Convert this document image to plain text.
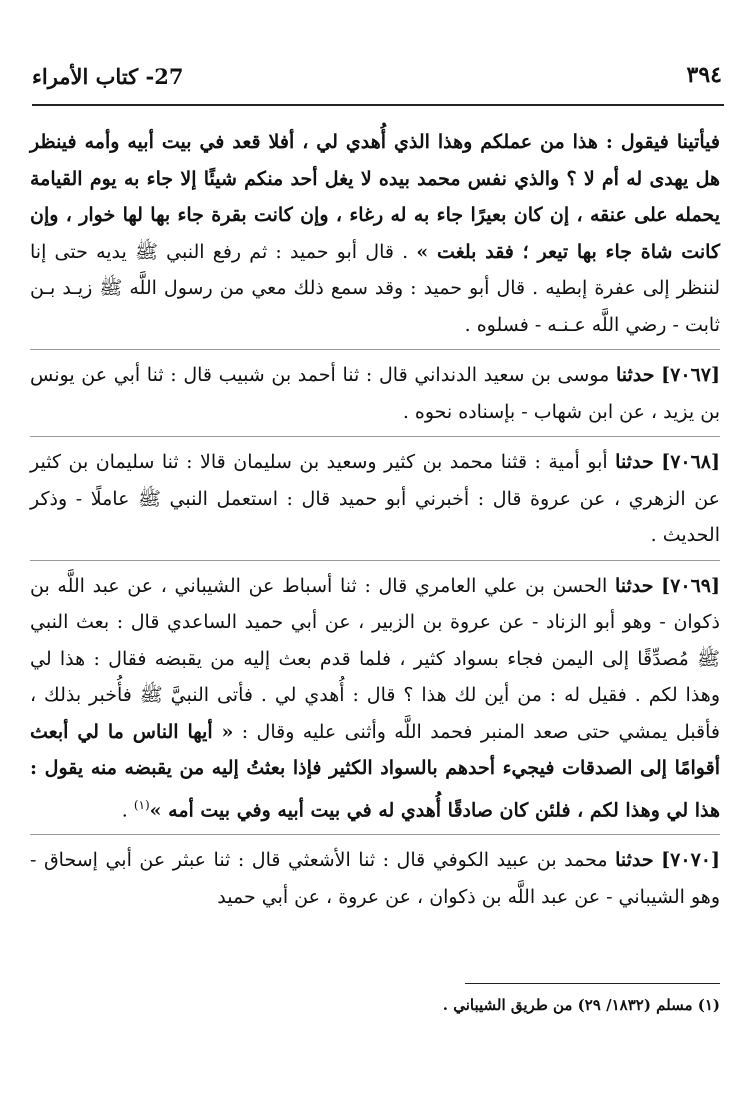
٣٩٤
27- كتاب الأمراء

فيأتينا فيقول : هذا من عملكم وهذا الذي أُهدي لي ، أفلا قعد في بيت أبيه وأمه فينظر هل يهدى له أم لا ؟ والذي نفس محمد بيده لا يغل أحد منكم شيئًا إلا جاء به يوم القيامة يحمله على عنقه ، إن كان بعيرًا جاء به له رغاء ، وإن كانت بقرة جاء بها لها خوار ، وإن كانت شاة جاء بها تيعر ؛ فقد بلغت » . قال أبو حميد : ثم رفع النبي ﷺ يديه حتى إنا لننظر إلى عفرة إبطيه . قال أبو حميد : وقد سمع ذلك معي من رسول اللَّه ﷺ زيـد بـن ثابت - رضي اللَّه عـنـه - فسلوه .

[٧٠٦٧] حدثنا موسى بن سعيد الدنداني قال : ثنا أحمد بن شبيب قال : ثنا أبي عن يونس بن يزيد ، عن ابن شهاب - بإسناده نحوه .

[٧٠٦٨] حدثنا أبو أمية : قثنا محمد بن كثير وسعيد بن سليمان قالا : ثنا سليمان بن كثير عن الزهري ، عن عروة قال : أخبرني أبو حميد قال : استعمل النبي ﷺ عاملًا - وذكر الحديث .

[٧٠٦٩] حدثنا الحسن بن علي العامري قال : ثنا أسباط عن الشيباني ، عن عبد اللَّه بن ذكوان - وهو أبو الزناد - عن عروة بن الزبير ، عن أبي حميد الساعدي قال : بعث النبي ﷺ مُصدِّقًا إلى اليمن فجاء بسواد كثير ، فلما قدم بعث إليه من يقبضه فقال : هذا لي وهذا لكم . فقيل له : من أين لك هذا ؟ قال : أُهدي لي . فأتى النبيَّ ﷺ فأُخبر بذلك ، فأقبل يمشي حتى صعد المنبر فحمد اللَّه وأثنى عليه وقال : « أيها الناس ما لي أبعث أقوامًا إلى الصدقات فيجيء أحدهم بالسواد الكثير فإذا بعثتُ إليه من يقبضه منه يقول : هذا لي وهذا لكم ، فلئن كان صادقًا أُهدي له في بيت أبيه وفي بيت أمه »$^{(١)}$ .

[٧٠٧٠] حدثنا محمد بن عبيد الكوفي قال : ثنا الأشعثي قال : ثنا عبثر عن أبي إسحاق - وهو الشيباني - عن عبد اللَّه بن ذكوان ، عن عروة ، عن أبي حميد

(١) مسلم (١٨٣٢/ ٢٩) من طريق الشيباني .
